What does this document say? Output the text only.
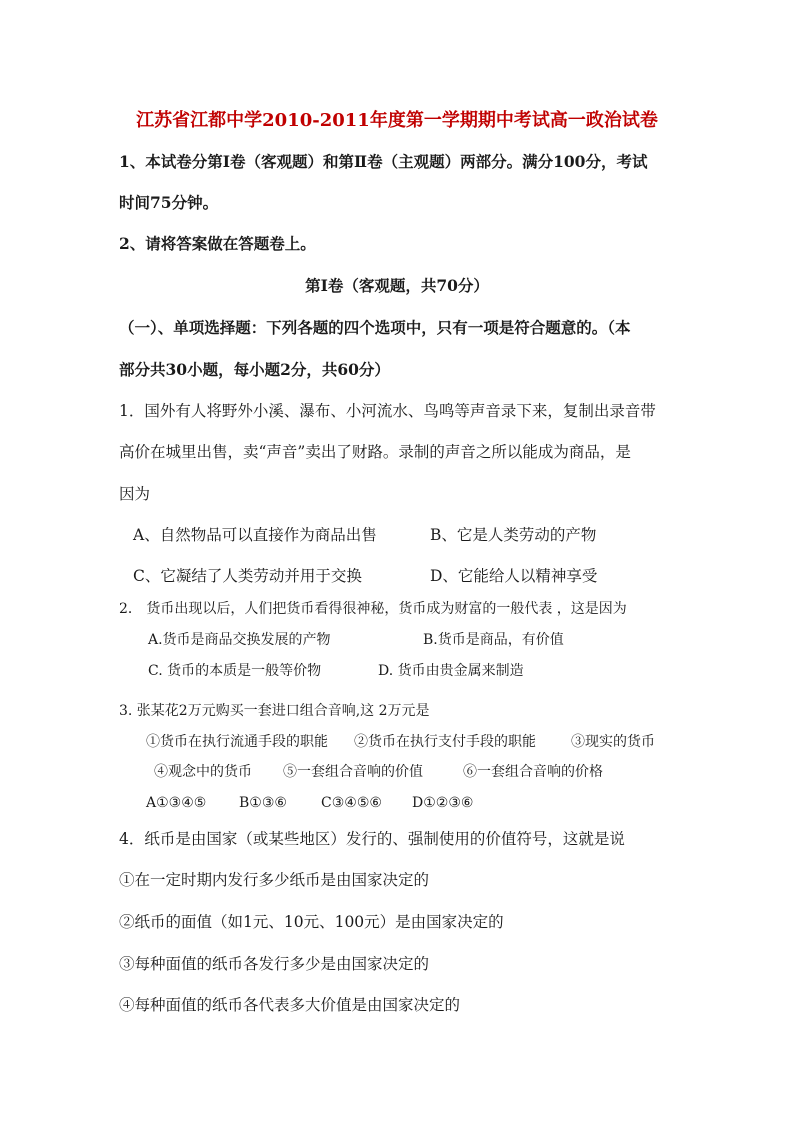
江苏省江都中学2010-2011年度第一学期期中考试高一政治试卷
1、本试卷分第Ⅰ卷（客观题）和第Ⅱ卷（主观题）两部分。满分100分，考试
时间75分钟。
2、请将答案做在答题卷上。
第Ⅰ卷（客观题，共70分）
（一）、单项选择题：下列各题的四个选项中，只有一项是符合题意的。（本
部分共30小题，每小题2分，共60分）
1．国外有人将野外小溪、瀑布、小河流水、鸟鸣等声音录下来，复制出录音带
高价在城里出售，卖“声音”卖出了财路。录制的声音之所以能成为商品，是
因为
A、自然物品可以直接作为商品出售	B、它是人类劳动的产物
C、它凝结了人类劳动并用于交换	D、它能给人以精神享受
2． 货币出现以后，人们把货币看得很神秘，货币成为财富的一般代表 ，这是因为
A.货币是商品交换发展的产物	B.货币是商品，有价值
C. 货币的本质是一般等价物	D. 货币由贵金属来制造
3. 张某花2万元购买一套进口组合音响,这 2万元是
①货币在执行流通手段的职能 ②货币在执行支付手段的职能	③现实的货币
④观念中的货币 ⑤一套组合音响的价值	⑥一套组合音响的价格
A①③④⑤ B①③⑥ C③④⑤⑥ D①②③⑥
4．纸币是由国家（或某些地区）发行的、强制使用的价值符号，这就是说
①在一定时期内发行多少纸币是由国家决定的
②纸币的面值（如1元、10元、100元）是由国家决定的
③每种面值的纸币各发行多少是由国家决定的
④每种面值的纸币各代表多大价值是由国家决定的
